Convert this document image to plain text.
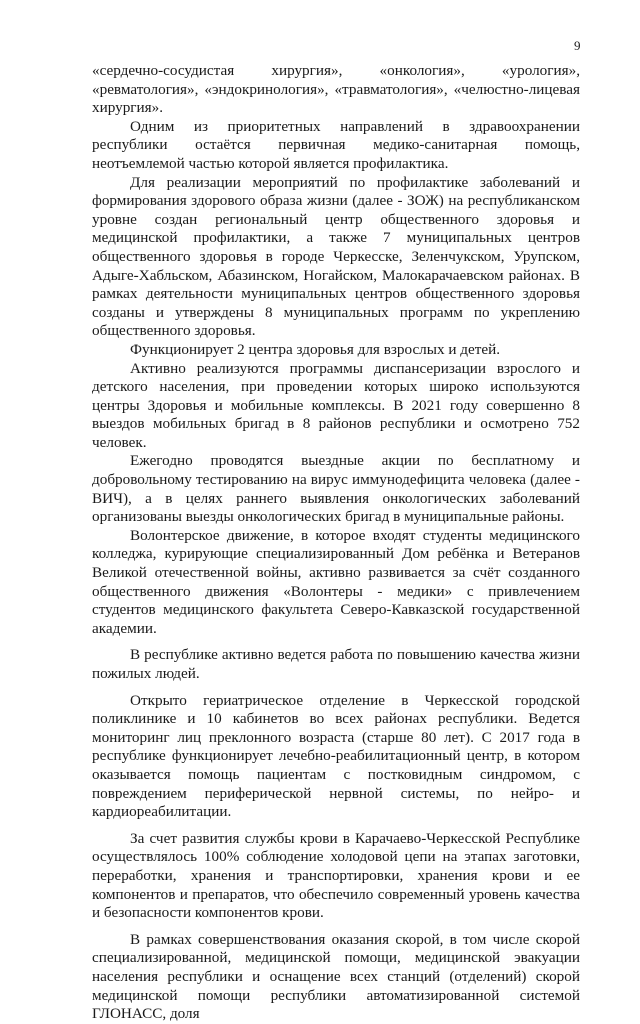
9

«сердечно-сосудистая хирургия», «онкология», «урология», «ревматология», «эндокринология», «травматология», «челюстно-лицевая хирургия».

Одним из приоритетных направлений в здравоохранении республики остаётся первичная медико-санитарная помощь, неотъемлемой частью которой является профилактика.

Для реализации мероприятий по профилактике заболеваний и формирования здорового образа жизни (далее - ЗОЖ) на республиканском уровне создан региональный центр общественного здоровья и медицинской профилактики, а также 7 муниципальных центров общественного здоровья в городе Черкесске, Зеленчукском, Урупском, Адыге-Хабльском, Абазинском, Ногайском, Малокарачаевском районах. В рамках деятельности муниципальных центров общественного здоровья созданы и утверждены 8 муниципальных программ по укреплению общественного здоровья.

Функционирует 2 центра здоровья для взрослых и детей.

Активно реализуются программы диспансеризации взрослого и детского населения, при проведении которых широко используются центры Здоровья и мобильные комплексы. В 2021 году совершенно 8 выездов мобильных бригад в 8 районов республики и осмотрено 752 человек.

Ежегодно проводятся выездные акции по бесплатному и добровольному тестированию на вирус иммунодефицита человека (далее - ВИЧ), а в целях раннего выявления онкологических заболеваний организованы выезды онкологических бригад в муниципальные районы.

Волонтерское движение, в которое входят студенты медицинского колледжа, курирующие специализированный Дом ребёнка и Ветеранов Великой отечественной войны, активно развивается за счёт созданного общественного движения «Волонтеры - медики» с привлечением студентов медицинского факультета Северо-Кавказской государственной академии.

В республике активно ведется работа по повышению качества жизни пожилых людей.

Открыто гериатрическое отделение в Черкесской городской поликлинике и 10 кабинетов во всех районах республики. Ведется мониторинг лиц преклонного возраста (старше 80 лет). С 2017 года в республике функционирует лечебно-реабилитационный центр, в котором оказывается помощь пациентам с постковидным синдромом, с повреждением периферической нервной системы, по нейро- и кардиореабилитации.

За счет развития службы крови в Карачаево-Черкесской Республике осуществлялось 100% соблюдение холодовой цепи на этапах заготовки, переработки, хранения и транспортировки, хранения крови и ее компонентов и препаратов, что обеспечило современный уровень качества и безопасности компонентов крови.

В рамках совершенствования оказания скорой, в том числе скорой специализированной, медицинской помощи, медицинской эвакуации населения республики и оснащение всех станций (отделений) скорой медицинской помощи республики автоматизированной системой ГЛОНАСС, доля
